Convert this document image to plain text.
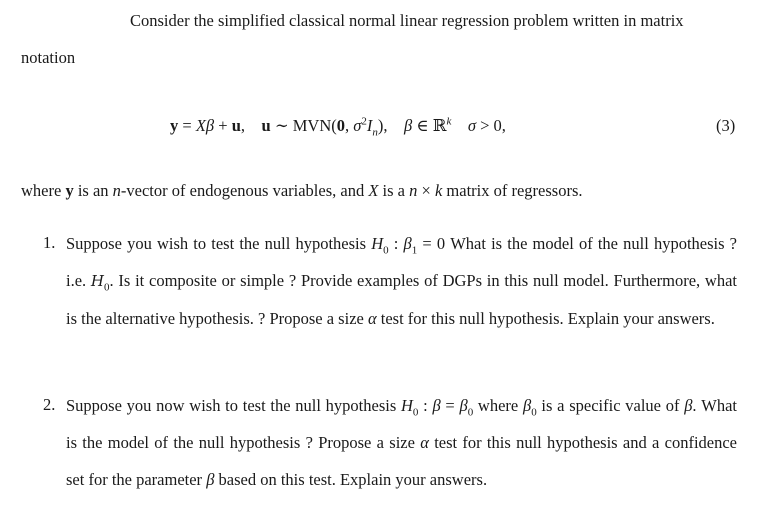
Consider the simplified classical normal linear regression problem written in matrix
notation
y = Xβ + u, u ∼ MVN(0, $\sigma^2I_n$), β ∈ ℝ$^k$ σ > 0,	(3)
where y is an n-vector of endogenous variables, and X is a n × k matrix of regressors.
1. Suppose you wish to test the null hypothesis $H_0$ : $\beta_1 = 0$ What is the model of the null hypothesis ? i.e. $H_0$. Is it composite or simple ? Provide examples of DGPs in this null model. Furthermore, what is the alternative hypothesis. ? Propose a size α test for this null hypothesis. Explain your answers.
2. Suppose you now wish to test the null hypothesis $H_0$ : $\beta = \beta_0$ where $\beta_0$ is a specific value of β. What is the model of the null hypothesis ? Propose a size α test for this null hypothesis and a confidence set for the parameter β based on this test. Explain your answers.
